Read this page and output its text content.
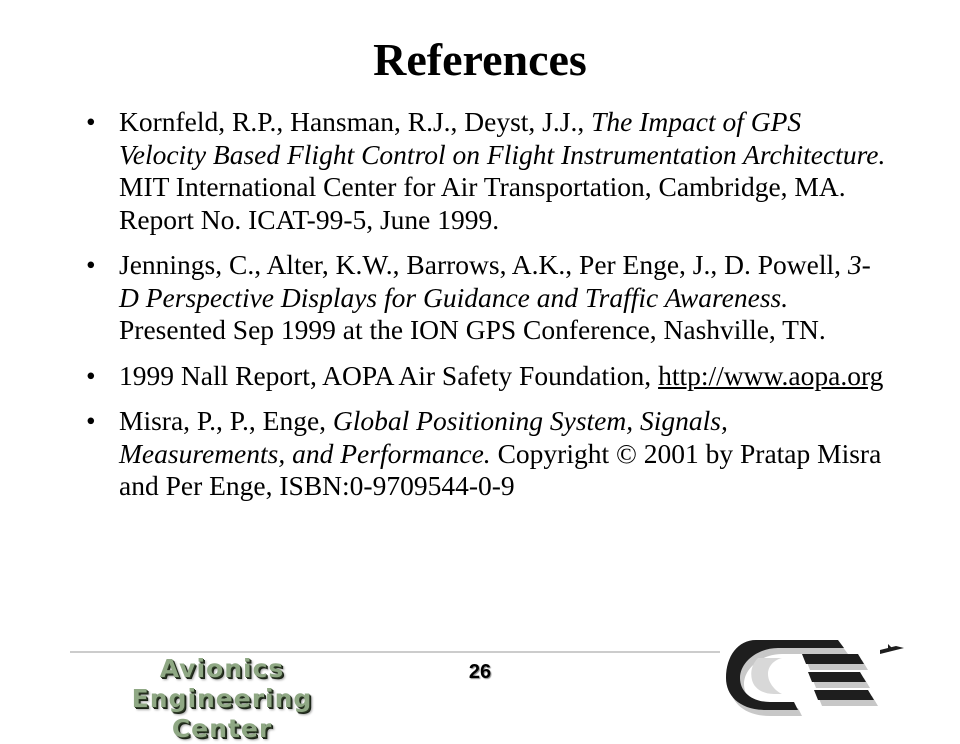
References
• Kornfeld, R.P., Hansman, R.J., Deyst, J.J., The Impact of GPS Velocity Based Flight Control on Flight Instrumentation Architecture. MIT International Center for Air Transportation, Cambridge, MA. Report No. ICAT-99-5, June 1999.
• Jennings, C., Alter, K.W., Barrows, A.K., Per Enge, J., D. Powell, 3-D Perspective Displays for Guidance and Traffic Awareness. Presented Sep 1999 at the ION GPS Conference, Nashville, TN.
• 1999 Nall Report, AOPA Air Safety Foundation, http://www.aopa.org
• Misra, P., P., Enge, Global Positioning System, Signals, Measurements, and Performance. Copyright © 2001 by Pratap Misra and Per Enge, ISBN:0-9709544-0-9
Avionics Engineering
Center
26
